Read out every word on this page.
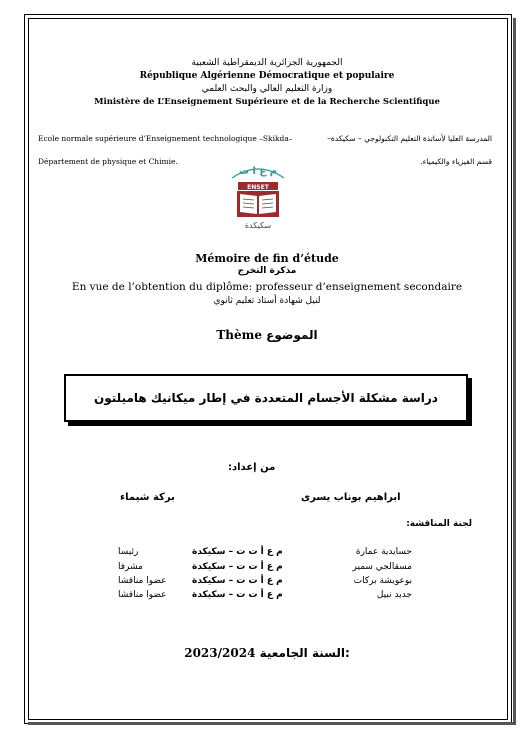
الجمهورية الجزائرية الديمقراطية الشعبية
République Algérienne Démocratique et populaire
وزارة التعليم العالي والبحث العلمي
Ministère de L’Enseignement Supérieure et de la Recherche Scientifique
Ecole normale supérieure d’Enseignement technologique –Skikda–	المدرسة العليا لأساتذة التعليم التكنولوجي – سكيكدة–
Département de physique et Chimie.	قسم الفيزياء والكيمياء.
م ع ا ت
ENSET
سكيكدة
Mémoire de fin d’étude
مذكرة التخرج
En vue de l’obtention du diplôme: professeur d’enseignement secondaire
لنيل شهادة أستاذ تعليم ثانوي
Thème الموضوع
دراسة مشكلة الأجسام المتعددة في إطار ميكانيك هاميلتون
من إعداد:
ابراهيم بوناب يسرى
بركة شيماء
لجنة المناقشة:
حسايدية عمارة
م ع أ ت ت – سكيكدة
رئيسا
مسقالجي سمير
م ع أ ت ت – سكيكدة
مشرفا
بوعويشة بركات
م ع أ ت ت – سكيكدة
عضوا مناقشا
جديد نبيل
م ع أ ت ت – سكيكدة
عضوا مناقشا
2023/2024 السنة الجامعية:
